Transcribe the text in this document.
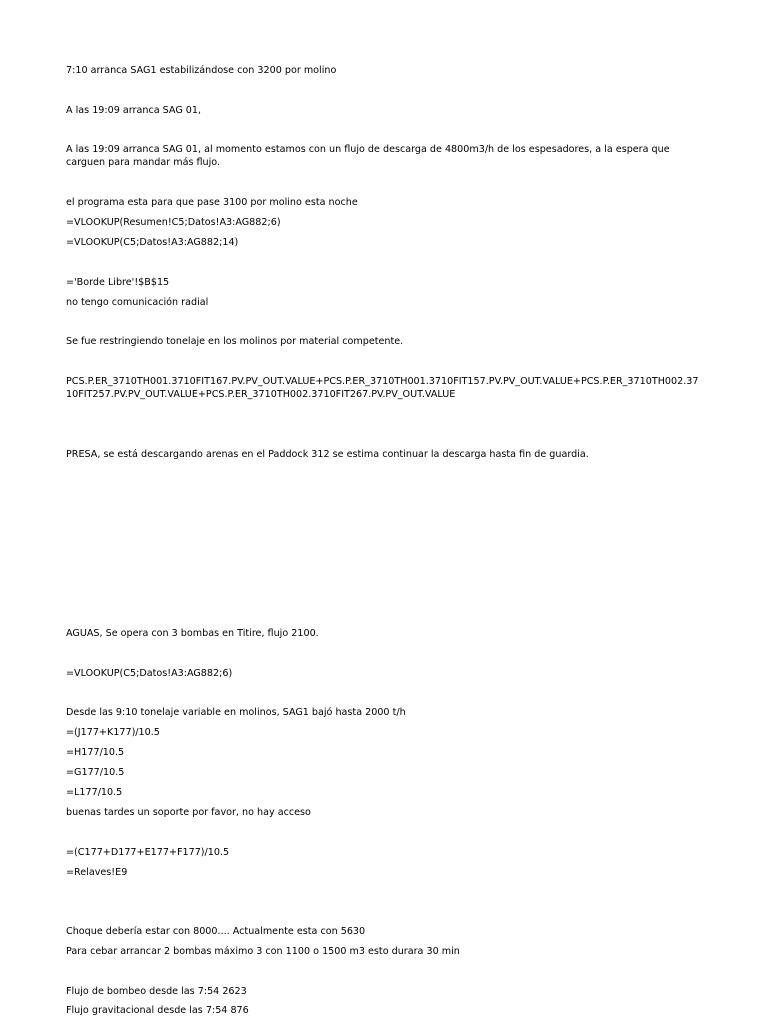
7:10 arranca SAG1 estabilizándose con 3200 por molino
A las 19:09 arranca SAG 01,
A las 19:09 arranca SAG 01, al momento estamos con un flujo de descarga de 4800m3/h de los espesadores, a la espera que carguen para mandar más flujo.
el programa esta para que pase 3100 por molino esta noche
=VLOOKUP(Resumen!C5;Datos!A3:AG882;6)
=VLOOKUP(C5;Datos!A3:AG882;14)
='Borde Libre'!$B$15
no tengo comunicación radial
Se fue restringiendo tonelaje en los molinos por material competente.
PCS.P.ER_3710TH001.3710FIT167.PV.PV_OUT.VALUE+PCS.P.ER_3710TH001.3710FIT157.PV.PV_OUT.VALUE+PCS.P.ER_3710TH002.3710FIT257.PV.PV_OUT.VALUE+PCS.P.ER_3710TH002.3710FIT267.PV.PV_OUT.VALUE
PRESA, se está descargando arenas en el Paddock 312 se estima continuar la descarga hasta fin de guardia.
AGUAS, Se opera con 3 bombas en Titire, flujo 2100.
=VLOOKUP(C5;Datos!A3:AG882;6)
Desde las 9:10 tonelaje variable en molinos, SAG1 bajó hasta 2000 t/h
=(J177+K177)/10.5
=H177/10.5
=G177/10.5
=L177/10.5
buenas tardes un soporte por favor, no hay acceso
=(C177+D177+E177+F177)/10.5
=Relaves!E9
Choque debería estar con 8000.... Actualmente esta con 5630
Para cebar arrancar 2 bombas máximo 3 con 1100 o 1500 m3 esto durara 30 min
Flujo de bombeo desde las 7:54 2623
Flujo gravitacional desde las 7:54 876
